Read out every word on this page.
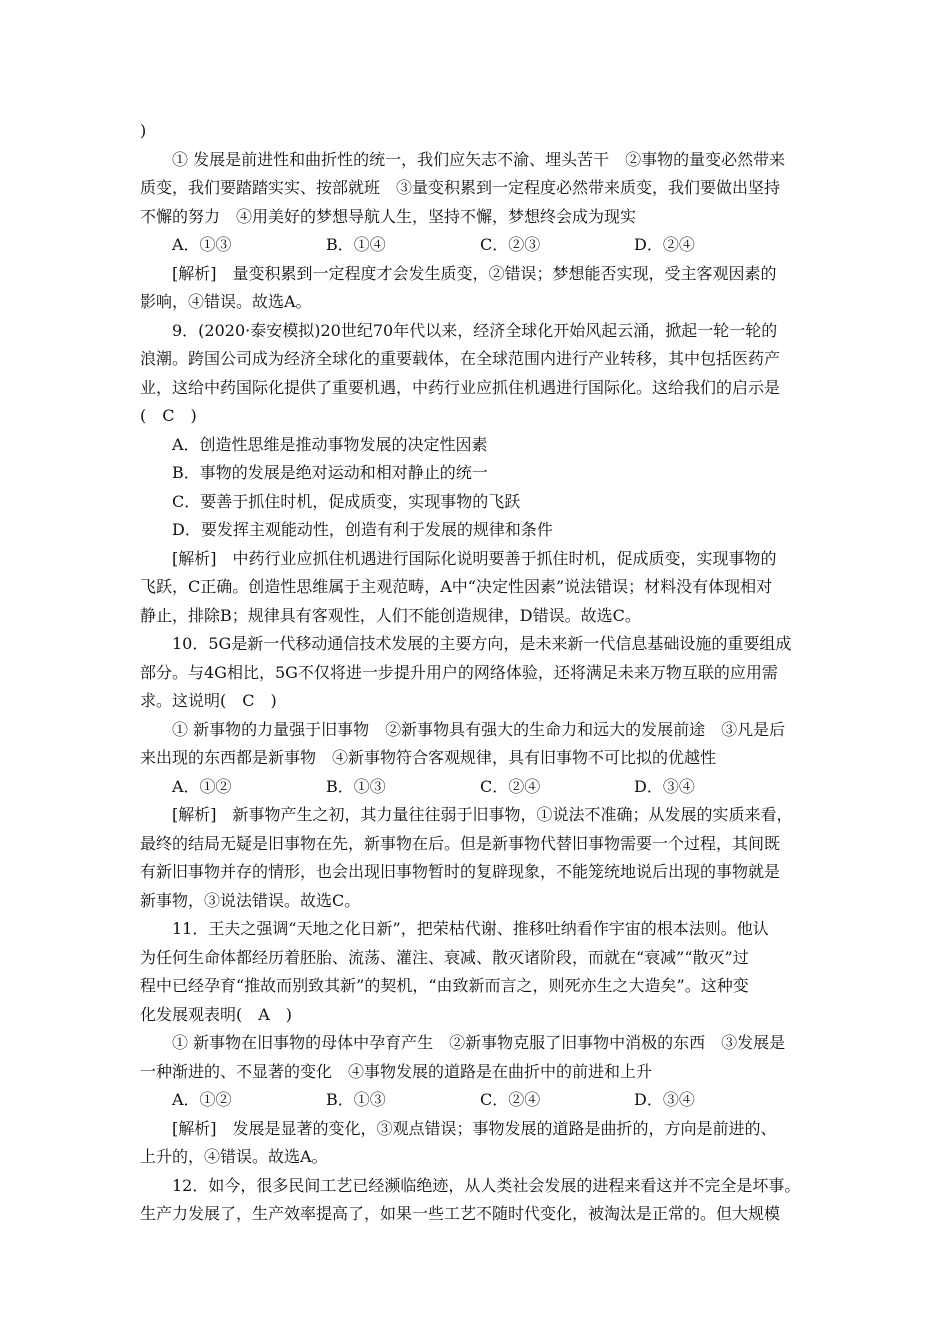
)
① 发展是前进性和曲折性的统一，我们应矢志不渝、埋头苦干　②事物的量变必然带来
质变，我们要踏踏实实、按部就班　③量变积累到一定程度必然带来质变，我们要做出坚持
不懈的努力　④用美好的梦想导航人生，坚持不懈，梦想终会成为现实
A．①③	B．①④	C．②③	D．②④
[解析]　量变积累到一定程度才会发生质变，②错误；梦想能否实现，受主客观因素的
影响，④错误。故选A。
9．(2020·泰安模拟)20世纪70年代以来，经济全球化开始风起云涌，掀起一轮一轮的
浪潮。跨国公司成为经济全球化的重要载体，在全球范围内进行产业转移，其中包括医药产
业，这给中药国际化提供了重要机遇，中药行业应抓住机遇进行国际化。这给我们的启示是
(　C　)
A．创造性思维是推动事物发展的决定性因素
B．事物的发展是绝对运动和相对静止的统一
C．要善于抓住时机，促成质变，实现事物的飞跃
D．要发挥主观能动性，创造有利于发展的规律和条件
[解析]　中药行业应抓住机遇进行国际化说明要善于抓住时机，促成质变，实现事物的
飞跃，C正确。创造性思维属于主观范畴，A中“决定性因素”说法错误；材料没有体现相对
静止，排除B；规律具有客观性，人们不能创造规律，D错误。故选C。
10．5G是新一代移动通信技术发展的主要方向，是未来新一代信息基础设施的重要组成
部分。与4G相比，5G不仅将进一步提升用户的网络体验，还将满足未来万物互联的应用需
求。这说明(　C　)
① 新事物的力量强于旧事物　②新事物具有强大的生命力和远大的发展前途　③凡是后
来出现的东西都是新事物　④新事物符合客观规律，具有旧事物不可比拟的优越性
A．①②	B．①③	C．②④	D．③④
[解析]　新事物产生之初，其力量往往弱于旧事物，①说法不准确；从发展的实质来看，
最终的结局无疑是旧事物在先，新事物在后。但是新事物代替旧事物需要一个过程，其间既
有新旧事物并存的情形，也会出现旧事物暂时的复辟现象，不能笼统地说后出现的事物就是
新事物，③说法错误。故选C。
11．王夫之强调“天地之化日新”，把荣枯代谢、推移吐纳看作宇宙的根本法则。他认
为任何生命体都经历着胚胎、流荡、灌注、衰减、散灭诸阶段，而就在“衰减”“散灭”过
程中已经孕育“推故而别致其新”的契机，“由致新而言之，则死亦生之大造矣”。这种变
化发展观表明(　A　)
① 新事物在旧事物的母体中孕育产生　②新事物克服了旧事物中消极的东西　③发展是
一种渐进的、不显著的变化　④事物发展的道路是在曲折中的前进和上升
A．①②	B．①③	C．②④	D．③④
[解析]　发展是显著的变化，③观点错误；事物发展的道路是曲折的，方向是前进的、
上升的，④错误。故选A。
12．如今，很多民间工艺已经濒临绝迹，从人类社会发展的进程来看这并不完全是坏事。
生产力发展了，生产效率提高了，如果一些工艺不随时代变化，被淘汰是正常的。但大规模
